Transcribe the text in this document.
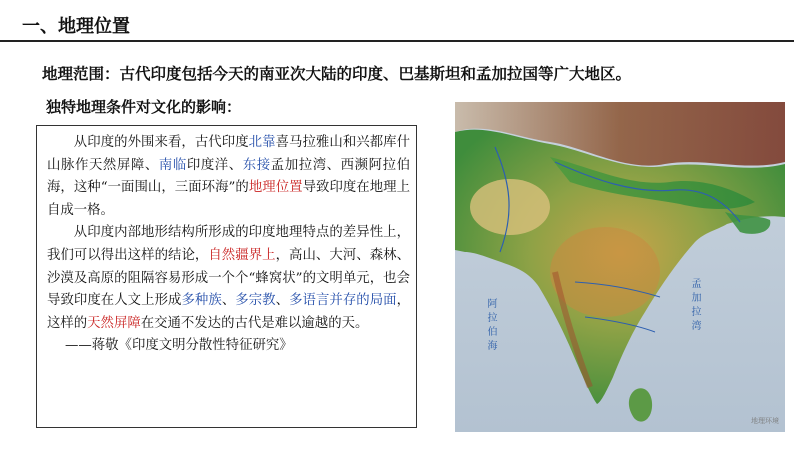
一、地理位置
地理范围：古代印度包括今天的南亚次大陆的印度、巴基斯坦和孟加拉国等广大地区。
独特地理条件对文化的影响：

从印度的外围来看，古代印度北靠喜马拉雅山和兴都库什山脉作天然屏障、南临印度洋、东接孟加拉湾、西濒阿拉伯海，这种“一面围山，三面环海”的地理位置导致印度在地理上自成一格。

从印度内部地形结构所形成的印度地理特点的差异性上，我们可以得出这样的结论，自然疆界上，高山、大河、森林、沙漠及高原的阻隔容易形成一个个“蜂窝状”的文明单元，也会导致印度在人文上形成多种族、多宗教、多语言并存的局面，这样的天然屏障在交通不发达的古代是难以逾越的天。

——蒋敬《印度文明分散性特征研究》	阿拉伯海	孟加拉湾
地理环境
